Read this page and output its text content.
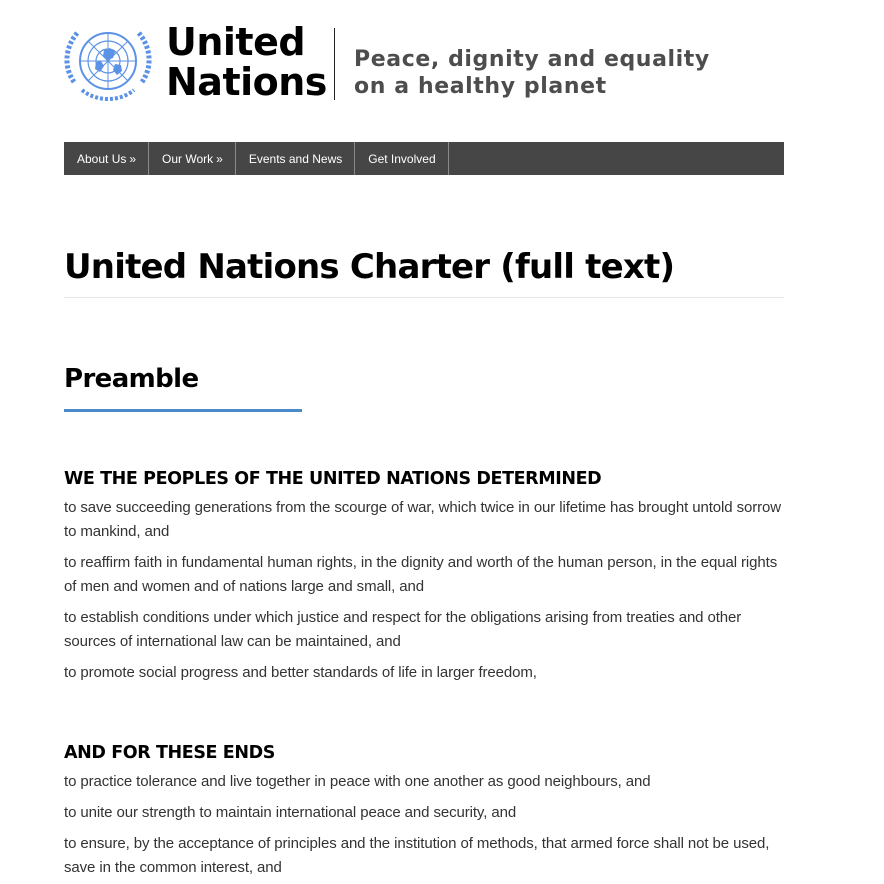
United
Nations
Peace, dignity and equality
on a healthy planet
About Us » Our Work » Events and News Get Involved
United Nations Charter (full text)
Preamble
WE THE PEOPLES OF THE UNITED NATIONS DETERMINED

to save succeeding generations from the scourge of war, which twice in our lifetime has brought untold sorrow to mankind, and

to reaffirm faith in fundamental human rights, in the dignity and worth of the human person, in the equal rights of men and women and of nations large and small, and

to establish conditions under which justice and respect for the obligations arising from treaties and other sources of international law can be maintained, and

to promote social progress and better standards of life in larger freedom,

AND FOR THESE ENDS

to practice tolerance and live together in peace with one another as good neighbours, and

to unite our strength to maintain international peace and security, and

to ensure, by the acceptance of principles and the institution of methods, that armed force shall not be used, save in the common interest, and
